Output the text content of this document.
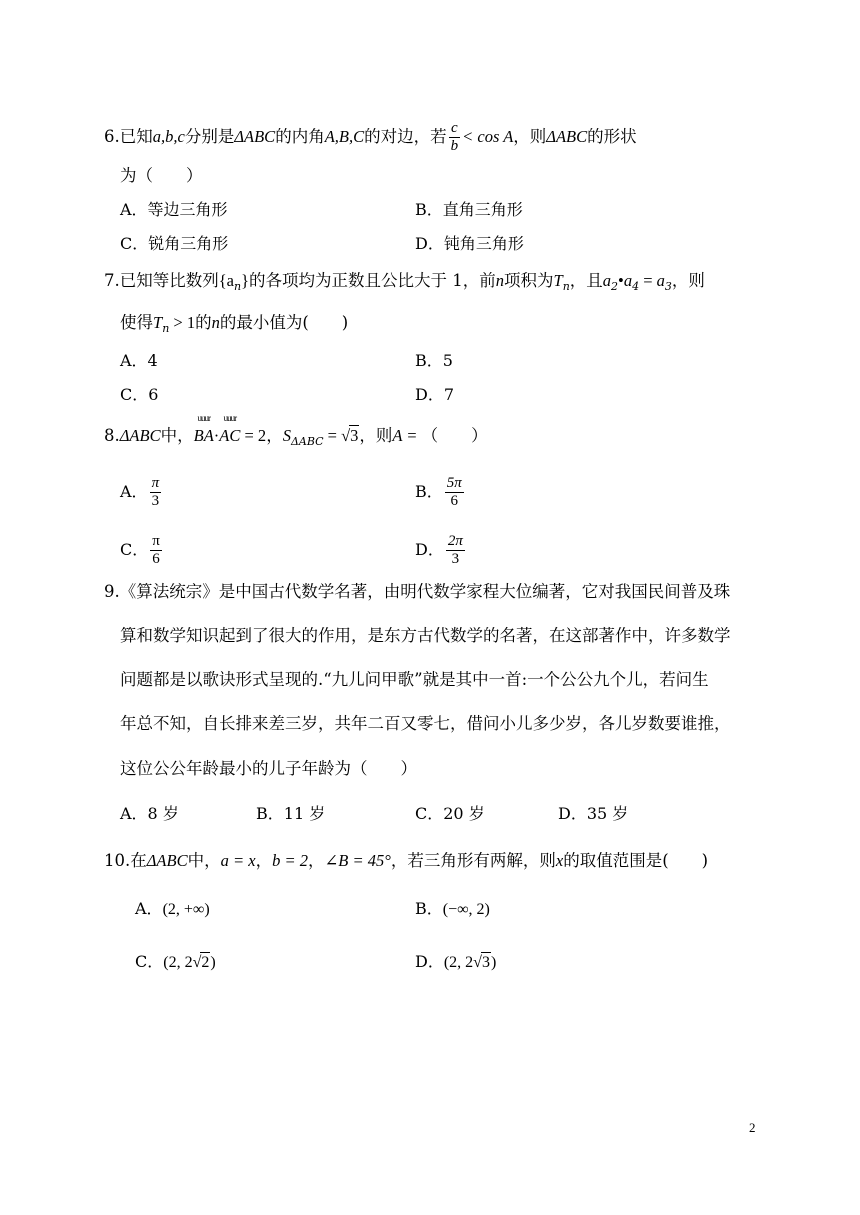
6.已知a,b,c分别是ΔABC的内角A,B,C的对边，若 $\frac{c}{b} < \cos A$，则ΔABC的形状
为（　　）
A．等边三角形	B．直角三角形
C．锐角三角形	D．钝角三角形
7.已知等比数列$\{a_n\}$的各项均为正数且公比大于 1，前n项积为$T_n$，且$a_2•a_4 = a_3$，则
使得$T_n > 1$的n的最小值为(　　)
A．4	B．5
C．6	D．7
8.ΔABC中，
uuur
BA·
uuur
AC = 2，$S_{\Delta ABC} = √3$，则A = （　　）
A． $\frac{\pi}{3}$	B． $\frac{5\pi}{6}$
C． $\frac{\pi}{6}$	D． $\frac{2\pi}{3}$
9.《算法统宗》是中国古代数学名著，由明代数学家程大位编著，它对我国民间普及珠
算和数学知识起到了很大的作用，是东方古代数学的名著，在这部著作中，许多数学
问题都是以歌诀形式呈现的.“九儿问甲歌”就是其中一首:一个公公九个儿，若问生
年总不知，自长排来差三岁，共年二百又零七，借问小儿多少岁，各儿岁数要谁推，
这位公公年龄最小的儿子年龄为（　　）
A．8 岁	B．11 岁	C．20 岁	D．35 岁
10.在ΔABC中，a = x，b = 2，∠B = 45°，若三角形有两解，则x的取值范围是(　　)
A．(2, +∞)	B．(−∞, 2)
C．(2, 2√2)	D．(2, 2√3)
2
